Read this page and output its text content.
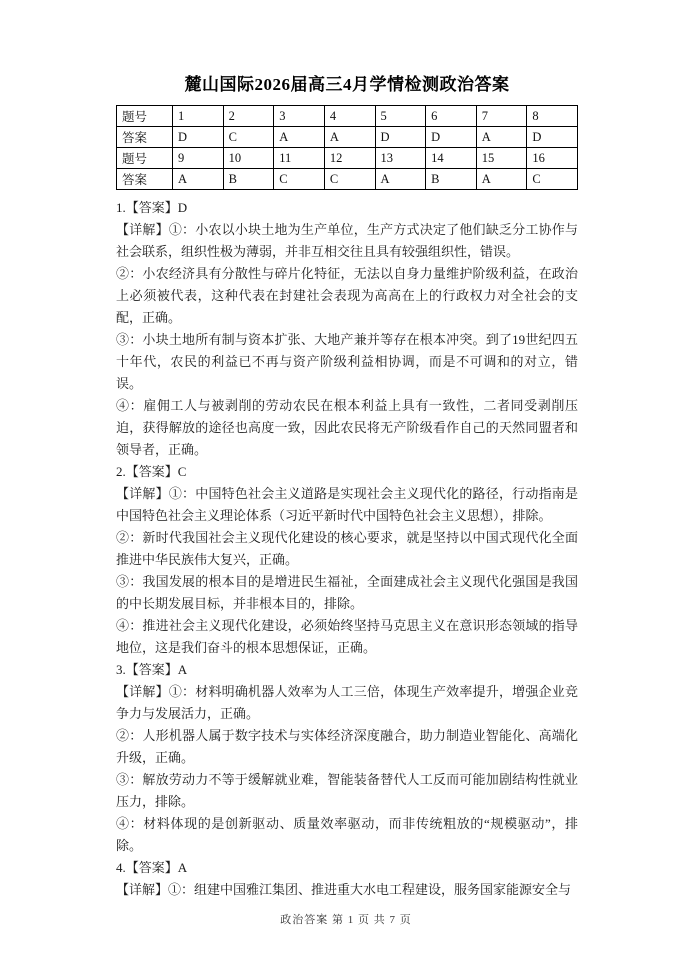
麓山国际2026届高三4月学情检测政治答案
题号	1	2	3	4	5	6	7	8
答案	D	C	A	A	D	D	A	D
题号	9	10	11	12	13	14	15	16
答案	A	B	C	C	A	B	A	C

1.【答案】D

【详解】①：小农以小块土地为生产单位，生产方式决定了他们缺乏分工协作与社会联系，组织性极为薄弱，并非互相交往且具有较强组织性，错误。

②：小农经济具有分散性与碎片化特征，无法以自身力量维护阶级利益，在政治上必须被代表，这种代表在封建社会表现为高高在上的行政权力对全社会的支配，正确。

③：小块土地所有制与资本扩张、大地产兼并等存在根本冲突。到了19世纪四五十年代，农民的利益已不再与资产阶级利益相协调，而是不可调和的对立，错误。

④：雇佣工人与被剥削的劳动农民在根本利益上具有一致性，二者同受剥削压迫，获得解放的途径也高度一致，因此农民将无产阶级看作自己的天然同盟者和领导者，正确。

2.【答案】C

【详解】①：中国特色社会主义道路是实现社会主义现代化的路径，行动指南是中国特色社会主义理论体系（习近平新时代中国特色社会主义思想），排除。

②：新时代我国社会主义现代化建设的核心要求，就是坚持以中国式现代化全面推进中华民族伟大复兴，正确。

③：我国发展的根本目的是增进民生福祉，全面建成社会主义现代化强国是我国的中长期发展目标，并非根本目的，排除。

④：推进社会主义现代化建设，必须始终坚持马克思主义在意识形态领域的指导地位，这是我们奋斗的根本思想保证，正确。

3.【答案】A

【详解】①：材料明确机器人效率为人工三倍，体现生产效率提升，增强企业竞争力与发展活力，正确。

②：人形机器人属于数字技术与实体经济深度融合，助力制造业智能化、高端化升级，正确。

③：解放劳动力不等于缓解就业难，智能装备替代人工反而可能加剧结构性就业压力，排除。

④：材料体现的是创新驱动、质量效率驱动，而非传统粗放的“规模驱动”，排除。

4.【答案】A

【详解】①：组建中国雅江集团、推进重大水电工程建设，服务国家能源安全与

政治答案 第 1 页 共 7 页
